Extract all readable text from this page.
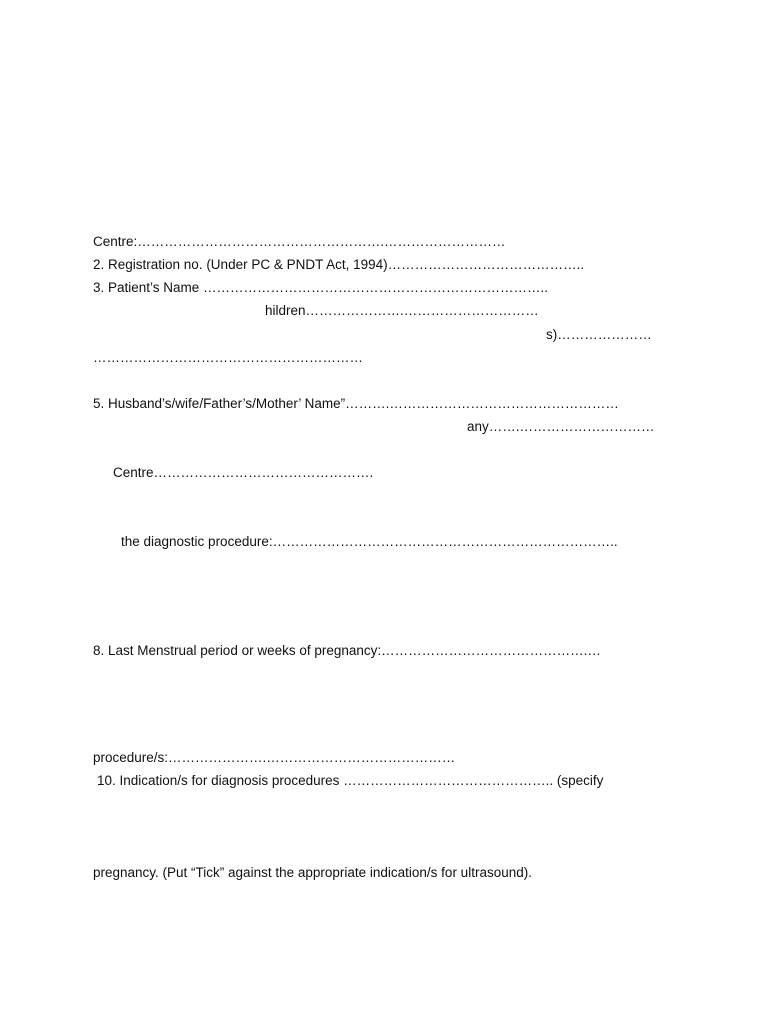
Centre:……………………………………………….………………………

2. Registration no. (Under PC & PNDT Act, 1994)……………………………………..

3. Patient’s Name …………………………………………………………………..

hildren………………….…………………………

s)…………………

……………………………………………………

5. Husband’s/wife/Father’s/Mother’ Name”……….……………………………………………

any…….…………………………

Centre………………………………………….

the diagnostic procedure:…………………………………………………………………..

8. Last Menstrual period or weeks of pregnancy:……………………………………….…

procedure/s:………………….……………………………………

10. Indication/s for diagnosis procedures ……………………………………….. (specify

pregnancy. (Put “Tick” against the appropriate indication/s for ultrasound).
